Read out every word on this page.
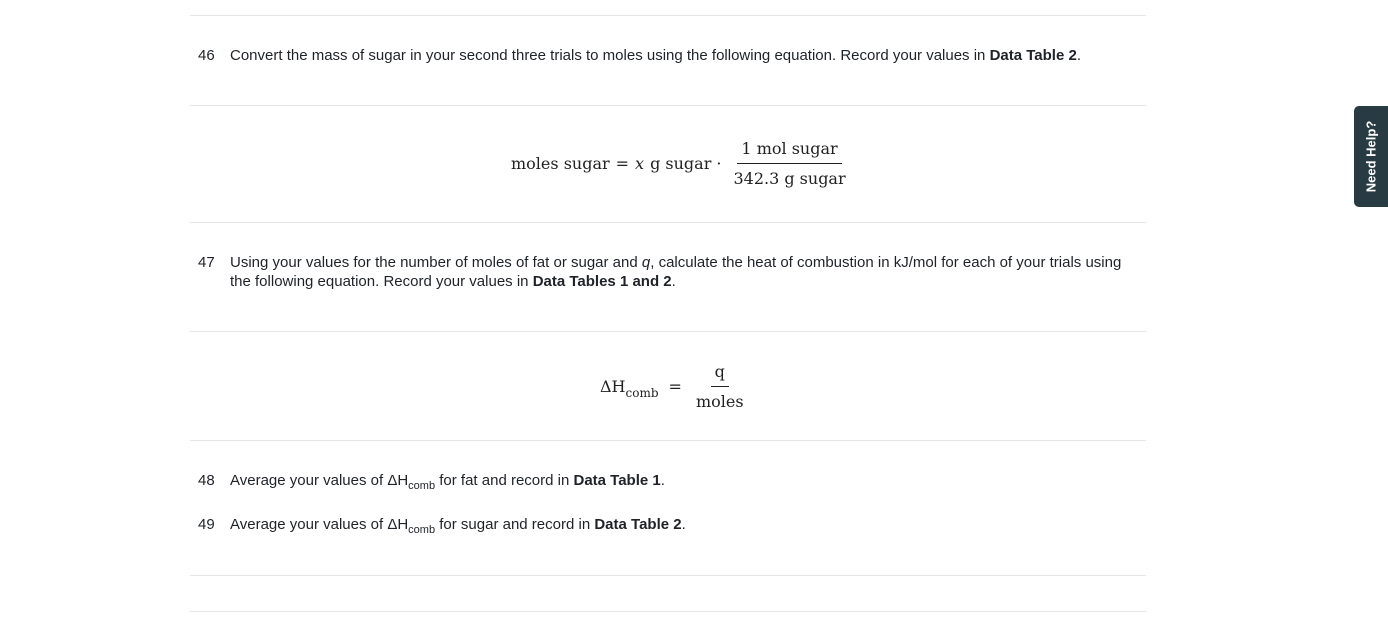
46	Convert the mass of sugar in your second three trials to moles using the following equation. Record your values in Data Table 2.
moles sugar = x g sugar · $\frac{\text{1 mol sugar}}{\text{342.3 g sugar}}$
47	Using your values for the number of moles of fat or sugar and q, calculate the heat of combustion in kJ/mol for each of your trials using the following equation. Record your values in Data Tables 1 and 2.
$\Delta H_{comb} = \frac{q}{\text{moles}}$
48	Average your values of $\Delta H_{comb}$ for fat and record in Data Table 1.
49	Average your values of $\Delta H_{comb}$ for sugar and record in Data Table 2.
Need Help?
